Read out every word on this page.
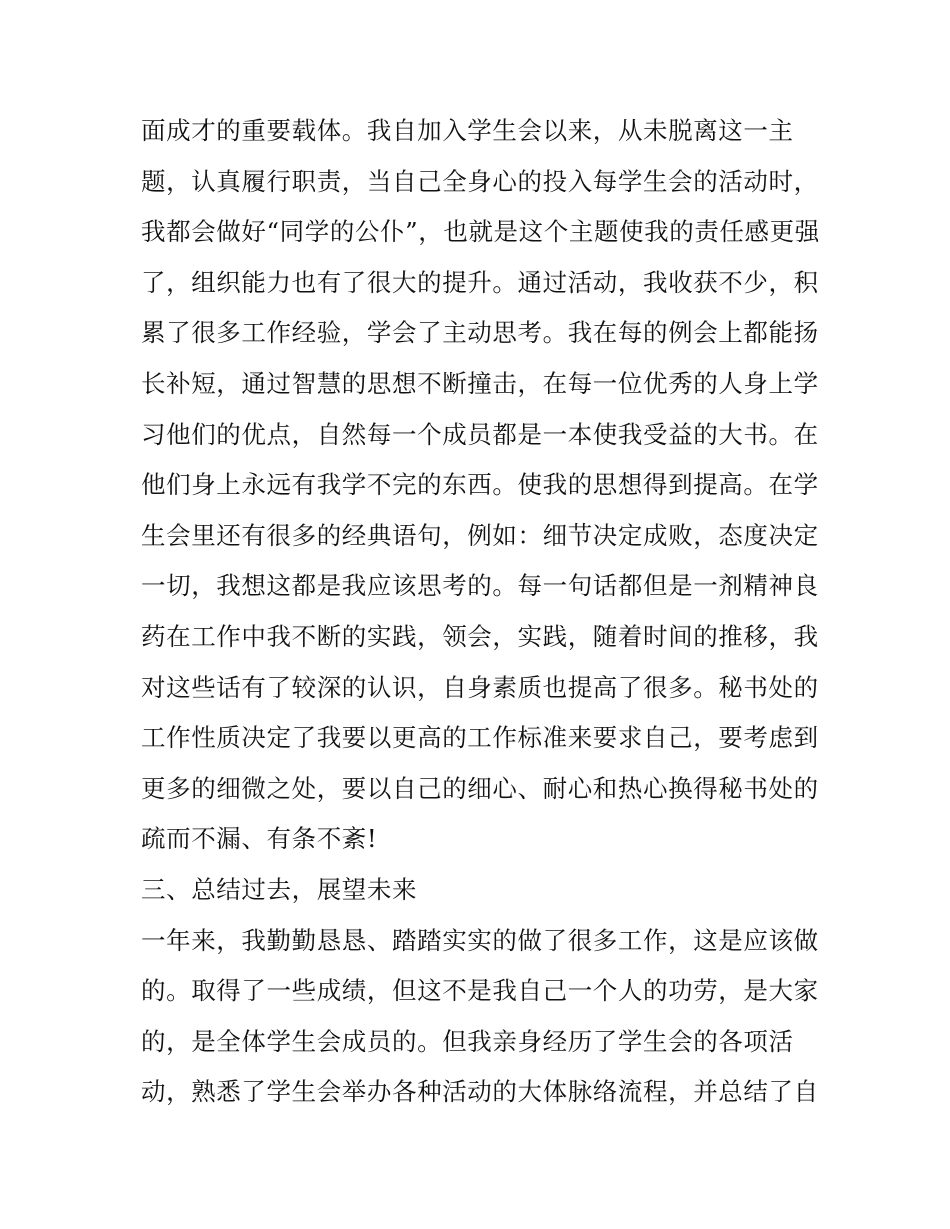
面成才的重要载体。我自加入学生会以来，从未脱离这一主
题，认真履行职责，当自己全身心的投入每学生会的活动时，
我都会做好“同学的公仆”，也就是这个主题使我的责任感更强
了，组织能力也有了很大的提升。通过活动，我收获不少，积
累了很多工作经验，学会了主动思考。我在每的例会上都能扬
长补短，通过智慧的思想不断撞击，在每一位优秀的人身上学
习他们的优点，自然每一个成员都是一本使我受益的大书。在
他们身上永远有我学不完的东西。使我的思想得到提高。在学
生会里还有很多的经典语句，例如：细节决定成败，态度决定
一切，我想这都是我应该思考的。每一句话都但是一剂精神良
药在工作中我不断的实践，领会，实践，随着时间的推移，我
对这些话有了较深的认识，自身素质也提高了很多。秘书处的
工作性质决定了我要以更高的工作标准来要求自己，要考虑到
更多的细微之处，要以自己的细心、耐心和热心换得秘书处的
疏而不漏、有条不紊!
三、总结过去，展望未来
一年来，我勤勤恳恳、踏踏实实的做了很多工作，这是应该做
的。取得了一些成绩，但这不是我自己一个人的功劳，是大家
的，是全体学生会成员的。但我亲身经历了学生会的各项活
动，熟悉了学生会举办各种活动的大体脉络流程，并总结了自
